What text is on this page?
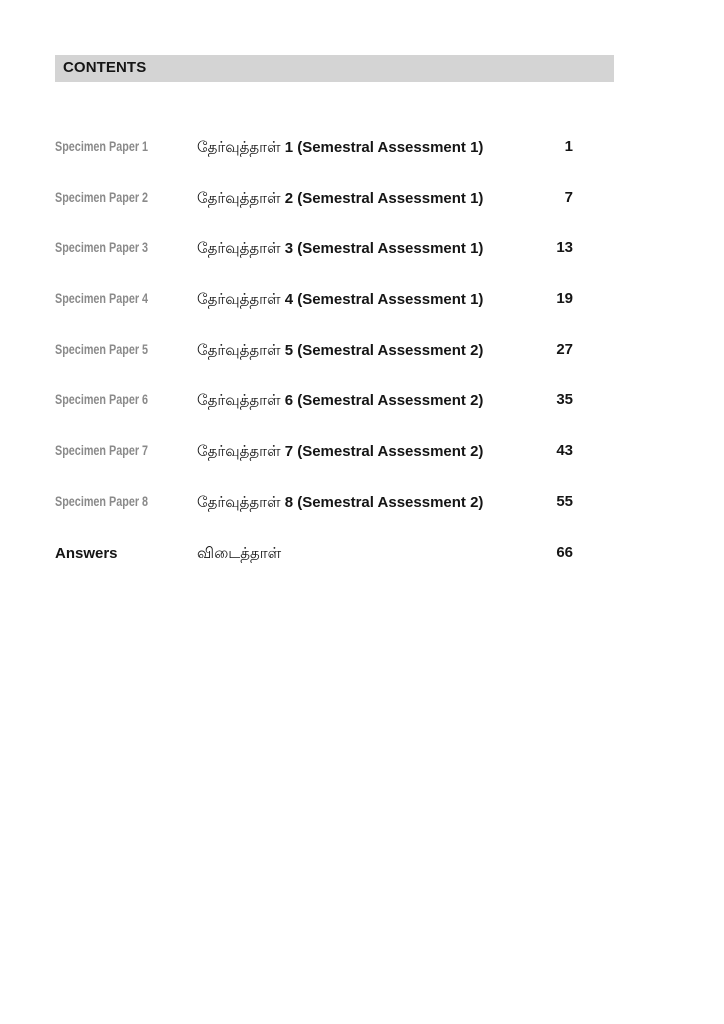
CONTENTS
Specimen Paper 1	தேர்வுத்தாள் 1 (Semestral Assessment 1)	1
Specimen Paper 2	தேர்வுத்தாள் 2 (Semestral Assessment 1)	7
Specimen Paper 3	தேர்வுத்தாள் 3 (Semestral Assessment 1)	13
Specimen Paper 4	தேர்வுத்தாள் 4 (Semestral Assessment 1)	19
Specimen Paper 5	தேர்வுத்தாள் 5 (Semestral Assessment 2)	27
Specimen Paper 6	தேர்வுத்தாள் 6 (Semestral Assessment 2)	35
Specimen Paper 7	தேர்வுத்தாள் 7 (Semestral Assessment 2)	43
Specimen Paper 8	தேர்வுத்தாள் 8 (Semestral Assessment 2)	55
Answers	விடைத்தாள்	66
